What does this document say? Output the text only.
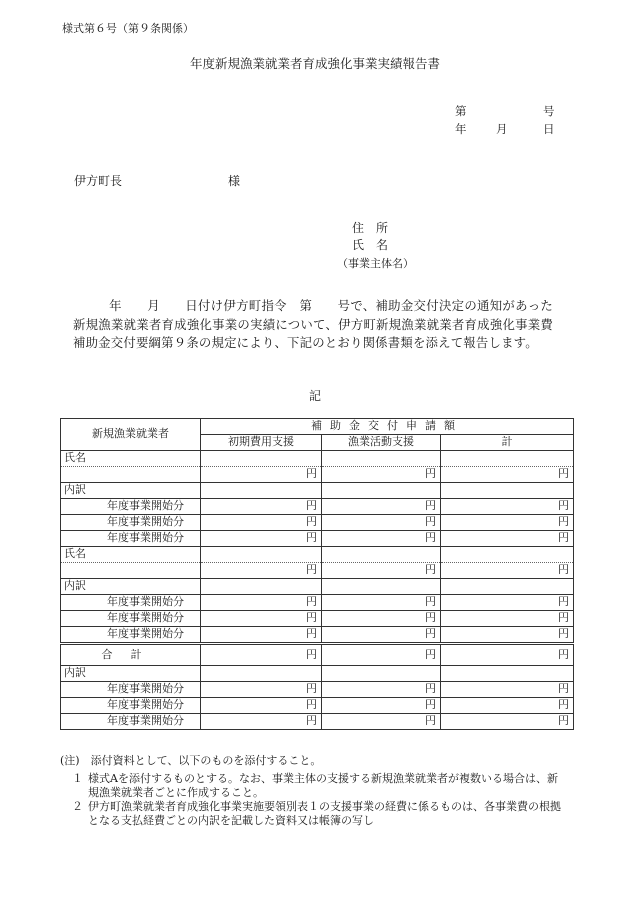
様式第６号（第９条関係）
年度新規漁業就業者育成強化事業実績報告書
第	号
年	月	日
伊方町長	様
住　所
氏　名
（事業主体名）
年　　月　　日付け伊方町指令　第　　号で、補助金交付決定の通知があった新規漁業就業者育成強化事業の実績について、伊方町新規漁業就業者育成強化事業費補助金交付要綱第９条の規定により、下記のとおり関係書類を添えて報告します。
記
新規漁業就業者	補助金交付申請額		
	初期費用支援	漁業活動支援	計
氏名			
	円	円	円
内訳			
年度事業開始分	円	円	円
年度事業開始分	円	円	円
年度事業開始分	円	円	円
氏名			
	円	円	円
内訳			
年度事業開始分	円	円	円
年度事業開始分	円	円	円
年度事業開始分	円	円	円
合計	円	円	円
内訳			
年度事業開始分	円	円	円
年度事業開始分	円	円	円
年度事業開始分	円	円	円
(注)　添付資料として、以下のものを添付すること。
１ 様式Aを添付するものとする。なお、事業主体の支援する新規漁業就業者が複数いる場合は、新
規漁業就業者ごとに作成すること。
２ 伊方町漁業就業者育成強化事業実施要領別表１の支援事業の経費に係るものは、各事業費の根拠
となる支払経費ごとの内訳を記載した資料又は帳簿の写し
